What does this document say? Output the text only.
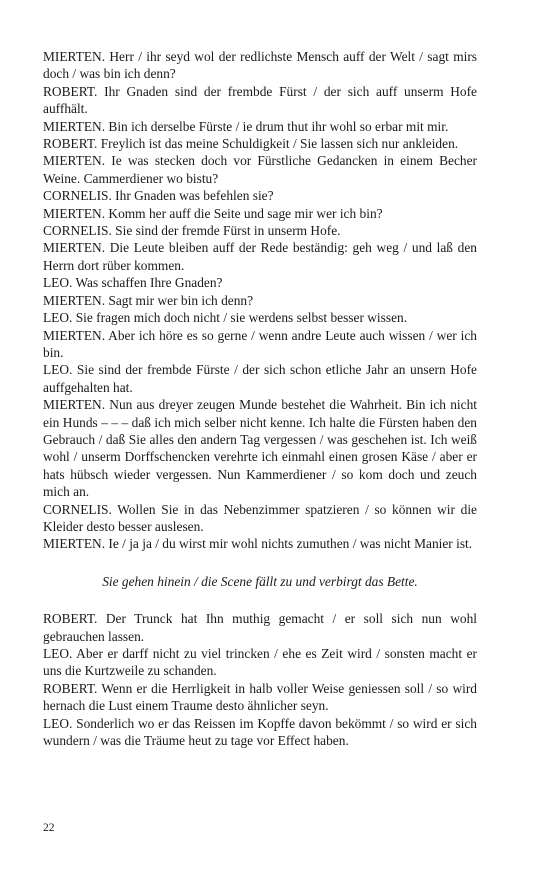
MIERTEN. Herr / ihr seyd wol der redlichste Mensch auff der Welt / sagt mirs doch / was bin ich denn?

ROBERT. Ihr Gnaden sind der frembde Fürst / der sich auff unserm Hofe auffhält.

MIERTEN. Bin ich derselbe Fürste / ie drum thut ihr wohl so erbar mit mir.

ROBERT. Freylich ist das meine Schuldigkeit / Sie lassen sich nur ankleiden.

MIERTEN. Ie was stecken doch vor Fürstliche Gedancken in einem Becher Weine. Cammerdiener wo bistu?

CORNELIS. Ihr Gnaden was befehlen sie?

MIERTEN. Komm her auff die Seite und sage mir wer ich bin?

CORNELIS. Sie sind der fremde Fürst in unserm Hofe.

MIERTEN. Die Leute bleiben auff der Rede beständig: geh weg / und laß den Herrn dort rüber kommen.

LEO. Was schaffen Ihre Gnaden?

MIERTEN. Sagt mir wer bin ich denn?

LEO. Sie fragen mich doch nicht / sie werdens selbst besser wissen.

MIERTEN. Aber ich höre es so gerne / wenn andre Leute auch wissen / wer ich bin.

LEO. Sie sind der frembde Fürste / der sich schon etliche Jahr an unsern Hofe auffgehalten hat.

MIERTEN. Nun aus dreyer zeugen Munde bestehet die Wahrheit. Bin ich nicht ein Hunds – – – daß ich mich selber nicht kenne. Ich halte die Fürsten haben den Gebrauch / daß Sie alles den andern Tag vergessen / was geschehen ist. Ich weiß wohl / unserm Dorffschencken verehrte ich einmahl einen grosen Käse / aber er hats hübsch wieder vergessen. Nun Kammerdiener / so kom doch und zeuch mich an.

CORNELIS. Wollen Sie in das Nebenzimmer spatzieren / so können wir die Kleider desto besser auslesen.

MIERTEN. Ie / ja ja / du wirst mir wohl nichts zumuthen / was nicht Manier ist.

Sie gehen hinein / die Scene fällt zu und verbirgt das Bette.

ROBERT. Der Trunck hat Ihn muthig gemacht / er soll sich nun wohl gebrauchen lassen.

LEO. Aber er darff nicht zu viel trincken / ehe es Zeit wird / sonsten macht er uns die Kurtzweile zu schanden.

ROBERT. Wenn er die Herrligkeit in halb voller Weise geniessen soll / so wird hernach die Lust einem Traume desto ähnlicher seyn.

LEO. Sonderlich wo er das Reissen im Kopffe davon bekömmt / so wird er sich wundern / was die Träume heut zu tage vor Effect haben.

22
